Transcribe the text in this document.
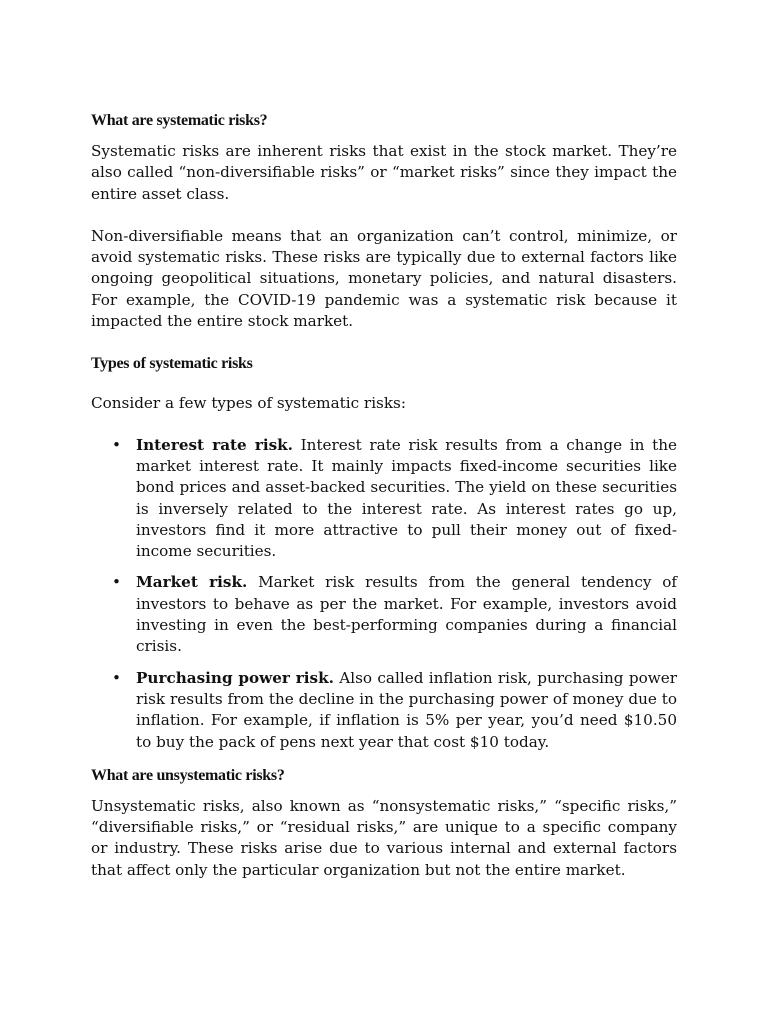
What are systematic risks?

Systematic risks are inherent risks that exist in the stock market. They’re also called “non-diversifiable risks” or “market risks” since they impact the entire asset class.

Non-diversifiable means that an organization can’t control, minimize, or avoid systematic risks. These risks are typically due to external factors like ongoing geopolitical situations, monetary policies, and natural disasters. For example, the COVID-19 pandemic was a systematic risk because it impacted the entire stock market.

Types of systematic risks

Consider a few types of systematic risks:

• Interest rate risk. Interest rate risk results from a change in the market interest rate. It mainly impacts fixed-income securities like bond prices and asset-backed securities. The yield on these securities is inversely related to the interest rate. As interest rates go up, investors find it more attractive to pull their money out of fixed-income securities.
• Market risk. Market risk results from the general tendency of investors to behave as per the market. For example, investors avoid investing in even the best-performing companies during a financial crisis.
• Purchasing power risk. Also called inflation risk, purchasing power risk results from the decline in the purchasing power of money due to inflation. For example, if inflation is 5% per year, you’d need $10.50 to buy the pack of pens next year that cost $10 today.
What are unsystematic risks?

Unsystematic risks, also known as “nonsystematic risks,” “specific risks,” “diversifiable risks,” or “residual risks,” are unique to a specific company or industry. These risks arise due to various internal and external factors that affect only the particular organization but not the entire market.
